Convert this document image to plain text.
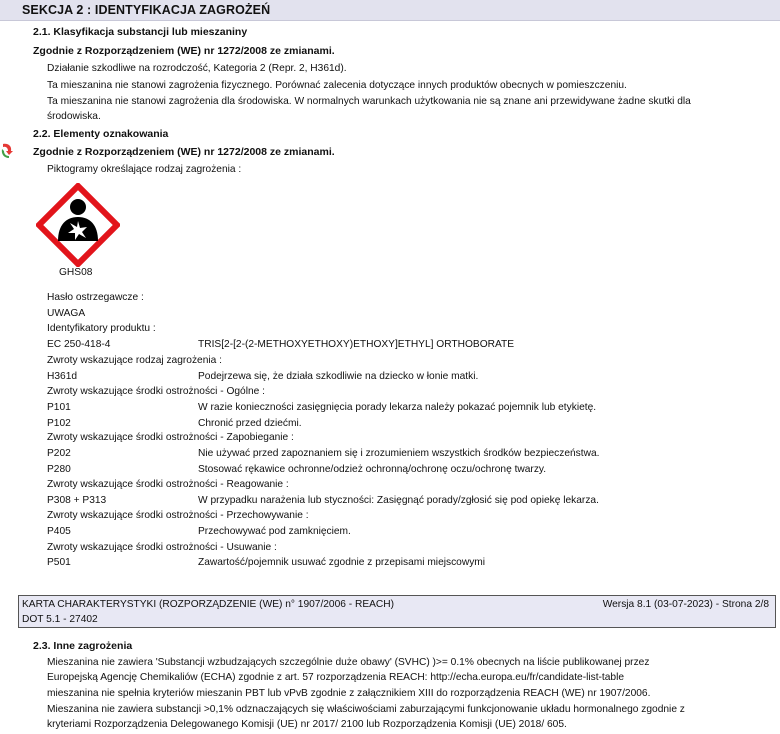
SEKCJA 2 : IDENTYFIKACJA ZAGROŻEŃ
2.1. Klasyfikacja substancji lub mieszaniny
Zgodnie z Rozporządzeniem (WE) nr 1272/2008 ze zmianami.
Działanie szkodliwe na rozrodczość, Kategoria 2 (Repr. 2, H361d).
Ta mieszanina nie stanowi zagrożenia fizycznego. Porównać zalecenia dotyczące innych produktów obecnych w pomieszczeniu.
Ta mieszanina nie stanowi zagrożenia dla środowiska. W normalnych warunkach użytkowania nie są znane ani przewidywane żadne skutki dla
środowiska.
2.2. Elementy oznakowania
Zgodnie z Rozporządzeniem (WE) nr 1272/2008 ze zmianami.
Piktogramy określające rodzaj zagrożenia :
GHS08
Hasło ostrzegawcze :
UWAGA
Identyfikatory produktu :
EC 250-418-4	TRIS[2-[2-(2-METHOXYETHOXY)ETHOXY]ETHYL] ORTHOBORATE
Zwroty wskazujące rodzaj zagrożenia :
H361d	Podejrzewa się, że działa szkodliwie na dziecko w łonie matki.
Zwroty wskazujące środki ostrożności - Ogólne :
P101	W razie konieczności zasięgnięcia porady lekarza należy pokazać pojemnik lub etykietę.
P102	Chronić przed dziećmi.
Zwroty wskazujące środki ostrożności - Zapobieganie :
P202	Nie używać przed zapoznaniem się i zrozumieniem wszystkich środków bezpieczeństwa.
P280	Stosować rękawice ochronne/odzież ochronną/ochronę oczu/ochronę twarzy.
Zwroty wskazujące środki ostrożności - Reagowanie :
P308 + P313	W przypadku narażenia lub styczności: Zasięgnąć porady/zgłosić się pod opiekę lekarza.
Zwroty wskazujące środki ostrożności - Przechowywanie :
P405	Przechowywać pod zamknięciem.
Zwroty wskazujące środki ostrożności - Usuwanie :
P501	Zawartość/pojemnik usuwać zgodnie z przepisami miejscowymi
KARTA CHARAKTERYSTYKI (ROZPORZĄDZENIE (WE) n° 1907/2006 - REACH)	Wersja 8.1 (03-07-2023) - Strona 2/8
DOT 5.1 - 27402
2.3. Inne zagrożenia
Mieszanina nie zawiera 'Substancji wzbudzających szczególnie duże obawy' (SVHC) )>= 0.1% obecnych na liście publikowanej przez
Europejską Agencję Chemikaliów (ECHA) zgodnie z art. 57 rozporządzenia REACH: http://echa.europa.eu/fr/candidate-list-table
mieszanina nie spełnia kryteriów mieszanin PBT lub vPvB zgodnie z załącznikiem XIII do rozporządzenia REACH (WE) nr 1907/2006.
Mieszanina nie zawiera substancji >0,1% odznaczających się właściwościami zaburzającymi funkcjonowanie układu hormonalnego zgodnie z
kryteriami Rozporządzenia Delegowanego Komisji (UE) nr 2017/ 2100 lub Rozporządzenia Komisji (UE) 2018/ 605.
